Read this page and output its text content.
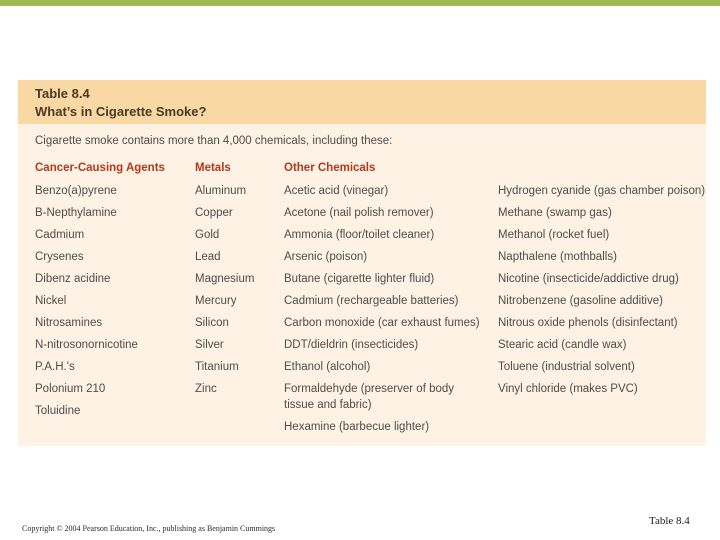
Table 8.4
What’s in Cigarette Smoke?
Cigarette smoke contains more than 4,000 chemicals, including these:
Cancer-Causing Agents	Metals	Other Chemicals
Benzo(a)pyrene
B-Nepthylamine
Cadmium
Crysenes
Dibenz acidine
Nickel
Nitrosamines
N-nitrosonornicotine
P.A.H.'s
Polonium 210
Toluidine
Aluminum
Copper
Gold
Lead
Magnesium
Mercury
Silicon
Silver
Titanium
Zinc
Acetic acid (vinegar)
Acetone (nail polish remover)
Ammonia (floor/toilet cleaner)
Arsenic (poison)
Butane (cigarette lighter fluid)
Cadmium (rechargeable batteries)
Carbon monoxide (car exhaust fumes)
DDT/dieldrin (insecticides)
Ethanol (alcohol)
Formaldehyde (preserver of body
tissue and fabric)
Hexamine (barbecue lighter)
Hydrogen cyanide (gas chamber poison)
Methane (swamp gas)
Methanol (rocket fuel)
Napthalene (mothballs)
Nicotine (insecticide/addictive drug)
Nitrobenzene (gasoline additive)
Nitrous oxide phenols (disinfectant)
Stearic acid (candle wax)
Toluene (industrial solvent)
Vinyl chloride (makes PVC)
Copyright © 2004 Pearson Education, Inc., publishing as Benjamin Cummings
Table 8.4
